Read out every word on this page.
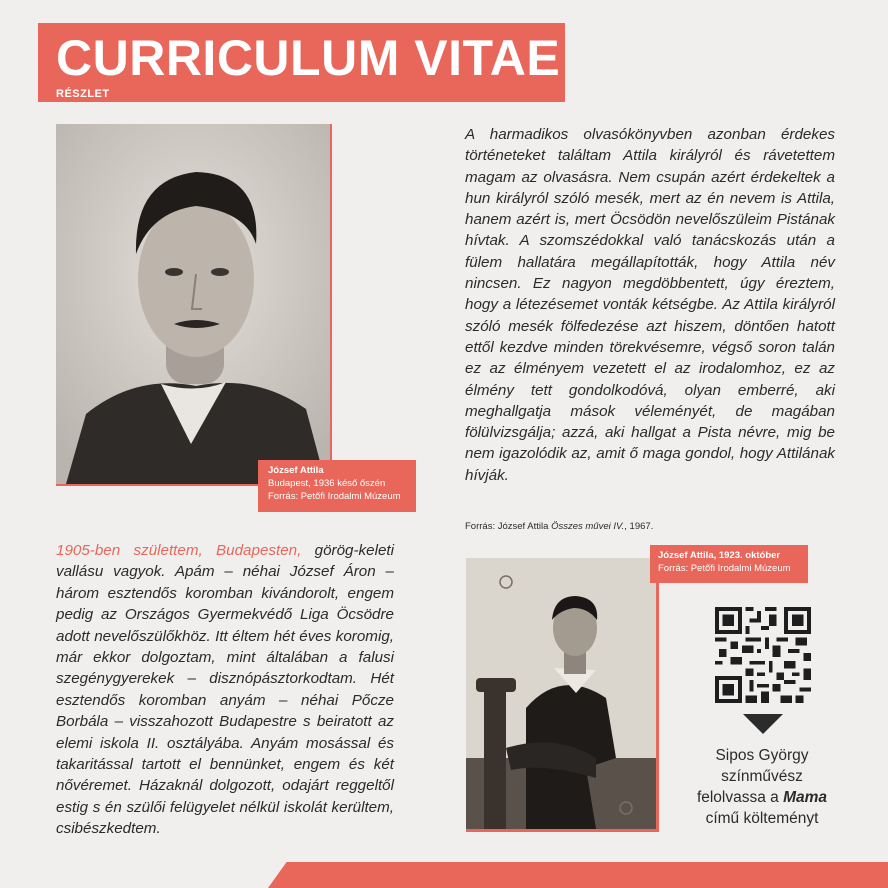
CURRICULUM VITAE
RÉSZLET
József Attila
Budapest, 1936 késő őszén
Forrás: Petőfi Irodalmi Múzeum

A harmadikos olvasókönyvben azonban érdekes történeteket találtam Attila királyról és rávetettem magam az olvasásra. Nem csupán azért érdekeltek a hun királyról szóló mesék, mert az én nevem is Attila, hanem azért is, mert Öcsödön nevelőszüleim Pistának hívtak. A szomszédokkal való tanácskozás után a fülem hallatára megállapították, hogy Attila név nincsen. Ez nagyon megdöbbentett, úgy éreztem, hogy a létezésemet vonták kétségbe. Az Attila királyról szóló mesék fölfedezése azt hiszem, döntően hatott ettől kezdve minden törekvésemre, végső soron talán ez az élményem vezetett el az irodalomhoz, ez az élmény tett gondolkodóvá, olyan emberré, aki meghallgatja mások véleményét, de magában fölülvizsgálja; azzá, aki hallgat a Pista névre, mig be nem igazolódik az, amit ő maga gondol, hogy Attilának hívják.

Forrás: József Attila Összes művei IV., 1967.

1905-ben születtem, Budapesten, görög-keleti vallásu vagyok. Apám – néhai József Áron – három esztendős koromban kivándorolt, engem pedig az Országos Gyermekvédő Liga Öcsödre adott nevelőszülőkhöz. Itt éltem hét éves koromig, már ekkor dolgoztam, mint általában a falusi szegénygyerekek – disznópásztorkodtam. Hét esztendős koromban anyám – néhai Pőcze Borbála – visszahozott Budapestre s beiratott az elemi iskola II. osztályába. Anyám mosással és takaritással tartott el bennünket, engem és két nővéremet. Házaknál dolgozott, odajárt reggeltől estig s én szülői felügyelet nélkül iskolát kerültem, csibészkedtem.

József Attila, 1923. október
Forrás: Petőfi Irodalmi Múzeum
Sipos György
színművész
felolvassa a Mama
című költeményt
